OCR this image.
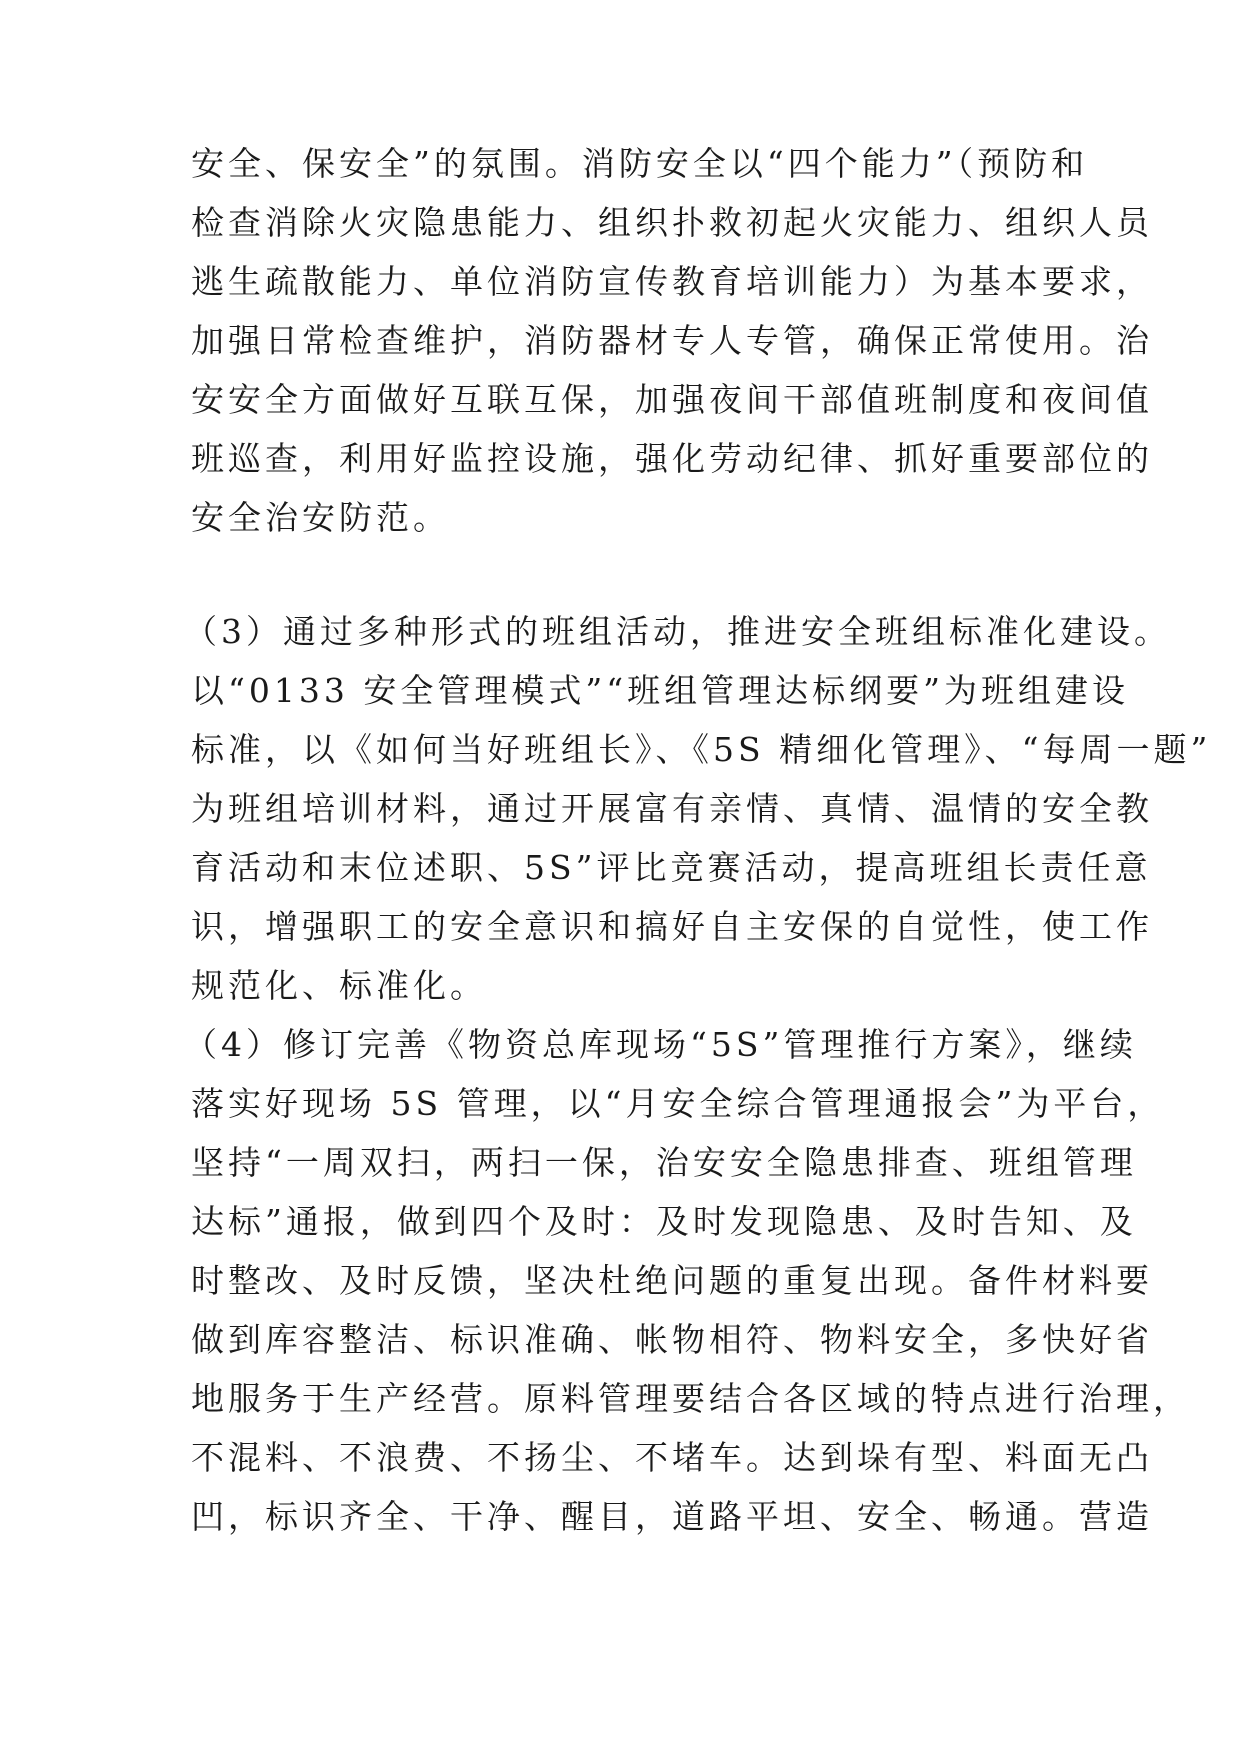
安全、保安全”的氛围。消防安全以“四个能力”（预防和
检查消除火灾隐患能力、组织扑救初起火灾能力、组织人员
逃生疏散能力、单位消防宣传教育培训能力）为基本要求，
加强日常检查维护，消防器材专人专管，确保正常使用。治
安安全方面做好互联互保，加强夜间干部值班制度和夜间值
班巡查，利用好监控设施，强化劳动纪律、抓好重要部位的
安全治安防范。
（3）通过多种形式的班组活动，推进安全班组标准化建设。
以“0133 安全管理模式”“班组管理达标纲要”为班组建设
标准，以《如何当好班组长》、《5S 精细化管理》、“每周一题”
为班组培训材料，通过开展富有亲情、真情、温情的安全教
育活动和末位述职、5S”评比竞赛活动，提高班组长责任意
识，增强职工的安全意识和搞好自主安保的自觉性，使工作
规范化、标准化。
（4）修订完善《物资总库现场“5S”管理推行方案》，继续
落实好现场 5S 管理，以“月安全综合管理通报会”为平台，
坚持“一周双扫，两扫一保，治安安全隐患排查、班组管理
达标”通报，做到四个及时：及时发现隐患、及时告知、及
时整改、及时反馈，坚决杜绝问题的重复出现。备件材料要
做到库容整洁、标识准确、帐物相符、物料安全，多快好省
地服务于生产经营。原料管理要结合各区域的特点进行治理，
不混料、不浪费、不扬尘、不堵车。达到垛有型、料面无凸
凹，标识齐全、干净、醒目，道路平坦、安全、畅通。营造
